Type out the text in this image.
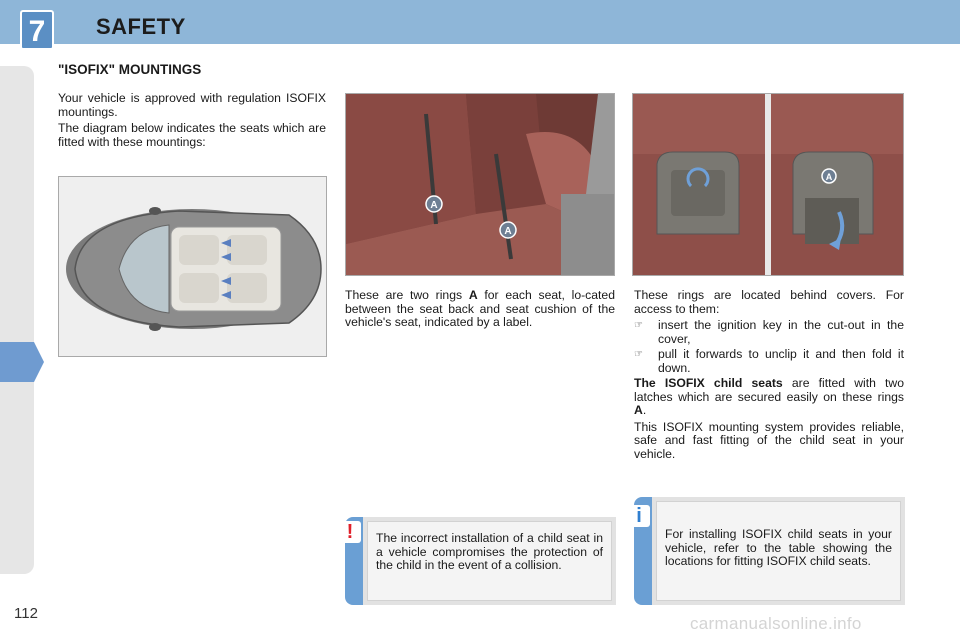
7	SAFETY
"ISOFIX" MOUNTINGS

Your vehicle is approved with regulation ISOFIX mountings.

The diagram below indicates the seats which are fitted with these mountings:

A
A
A

These are two rings A for each seat, lo-cated between the seat back and seat cushion of the vehicle's seat, indicated by a label.

These rings are located behind covers. For access to them:

☞	insert the ignition key in the cut-out in the cover,
☞	pull it forwards to unclip it and then fold it down.

The ISOFIX child seats are fitted with two latches which are secured easily on these rings A.

This ISOFIX mounting system provides reliable, safe and fast fitting of the child seat in your vehicle.

!	The incorrect installation of a child seat in a vehicle compromises the protection of the child in the event of a collision.
i
For installing ISOFIX child seats in your vehicle, refer to the table showing the locations for fitting ISOFIX child seats.
112
carmanualsonline.info
